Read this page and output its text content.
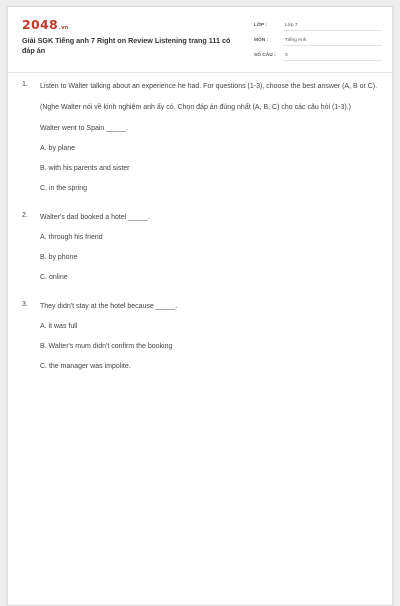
2048.vn
Giải SGK Tiếng anh 7 Right on Review Listening trang 111 có đáp án
LỚP :	Lớp 7
MÔN :	Tiếng Anh
SỐ CÂU :	3
1. Listen to Walter talking about an experience he had. For questions (1-3), choose the best answer (A, B or C).
(Nghe Walter nói về kinh nghiệm anh ấy có. Chọn đáp án đúng nhất (A, B, C) cho các câu hỏi (1-3).)
Walter went to Spain _____.
A. by plane
B. with his parents and sister
C. in the spring
2. Walter's dad booked a hotel _____.
A. through his friend
B. by phone
C. online
3. They didn't stay at the hotel because _____.
A. it was full
B. Walter's mum didn't confirm the booking
C. the manager was impolite.
